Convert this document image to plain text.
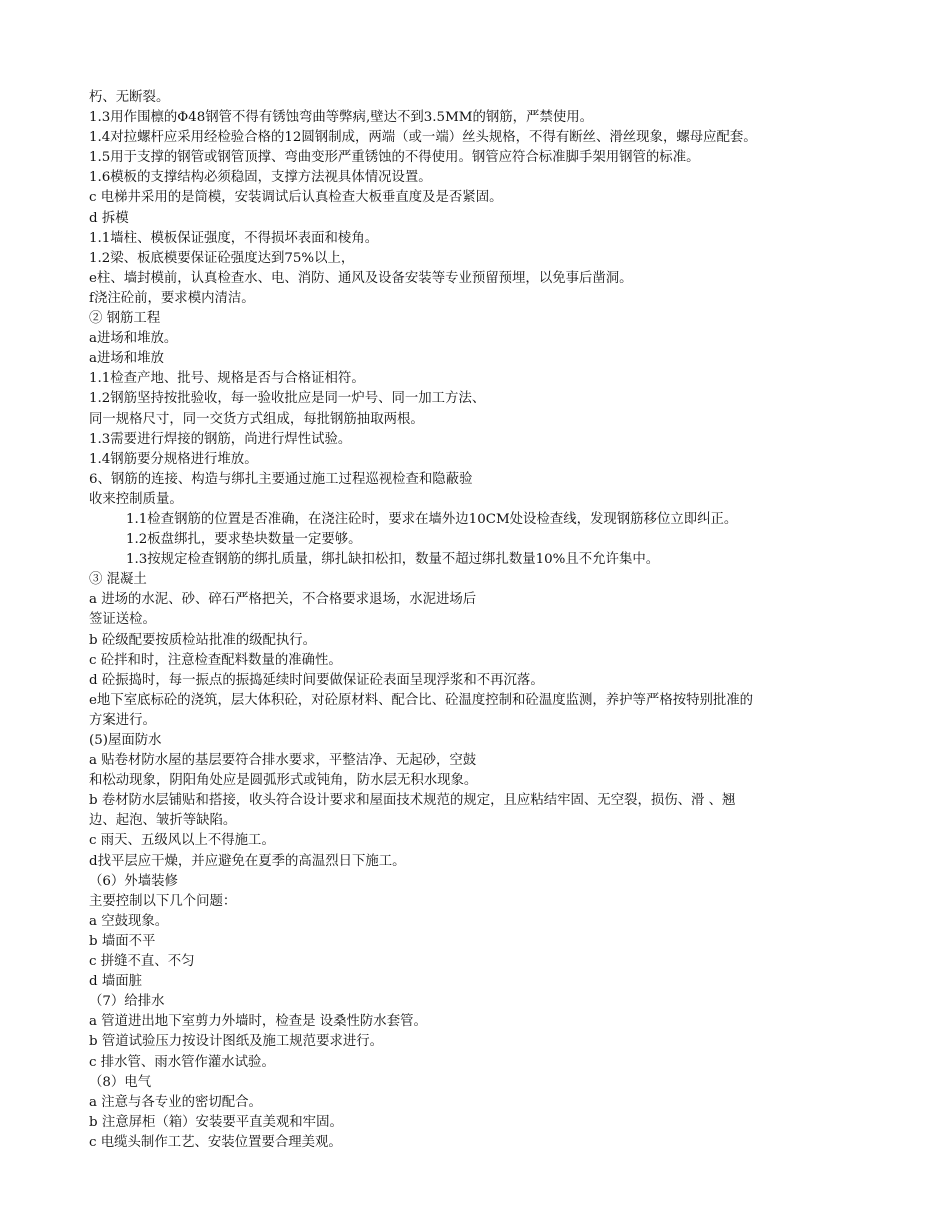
朽、无断裂。
1.3用作围檩的Φ48钢管不得有锈蚀弯曲等弊病,壁达不到3.5MM的钢筋，严禁使用。
1.4对拉螺杆应采用经检验合格的12圆钢制成，两端（或一端）丝头规格，不得有断丝、滑丝现象，螺母应配套。
1.5用于支撑的钢管或钢管顶撑、弯曲变形严重锈蚀的不得使用。钢管应符合标准脚手架用钢管的标准。
1.6模板的支撑结构必须稳固，支撑方法视具体情况设置。
c 电梯井采用的是筒模，安装调试后认真检查大板垂直度及是否紧固。
d 拆模
1.1墙柱、模板保证强度，不得损坏表面和棱角。
1.2梁、板底模要保证砼强度达到75%以上，
e柱、墙封模前，认真检查水、电、消防、通风及设备安装等专业预留预埋，以免事后凿洞。
f浇注砼前，要求模内清洁。
② 钢筋工程
a进场和堆放。
a进场和堆放
1.1检查产地、批号、规格是否与合格证相符。
1.2钢筋坚持按批验收，每一验收批应是同一炉号、同一加工方法、
同一规格尺寸，同一交货方式组成，每批钢筋抽取两根。
1.3需要进行焊接的钢筋，尚进行焊性试验。
1.4钢筋要分规格进行堆放。
6、钢筋的连接、构造与绑扎主要通过施工过程巡视检查和隐蔽验
收来控制质量。
1.1检查钢筋的位置是否准确，在浇注砼时，要求在墙外边10CM处设检查线，发现钢筋移位立即纠正。
1.2板盘绑扎，要求垫块数量一定要够。
1.3按规定检查钢筋的绑扎质量，绑扎缺扣松扣，数量不超过绑扎数量10%且不允许集中。
③ 混凝土
a 进场的水泥、砂、碎石严格把关，不合格要求退场，水泥进场后
签证送检。
b 砼级配要按质检站批准的级配执行。
c 砼拌和时，注意检查配料数量的准确性。
d 砼振捣时，每一振点的振捣延续时间要做保证砼表面呈现浮浆和不再沉落。
e地下室底标砼的浇筑，层大体积砼，对砼原材料、配合比、砼温度控制和砼温度监测，养护等严格按特别批准的
方案进行。
(5)屋面防水
a 贴卷材防水屋的基层要符合排水要求，平整洁净、无起砂，空鼓
和松动现象，阴阳角处应是圆弧形式或钝角，防水层无积水现象。
b 卷材防水层铺贴和搭接，收头符合设计要求和屋面技术规范的规定，且应粘结牢固、无空裂，损伤、滑 、翘
边、起泡、皱折等缺陷。
c 雨天、五级风以上不得施工。
d找平层应干燥，并应避免在夏季的高温烈日下施工。
（6）外墙装修
主要控制以下几个问题：
a 空鼓现象。
b 墙面不平
c 拼缝不直、不匀
d 墙面脏
（7）给排水
a 管道进出地下室剪力外墙时，检查是 设桑性防水套管。
b 管道试验压力按设计图纸及施工规范要求进行。
c 排水管、雨水管作灌水试验。
（8）电气
a 注意与各专业的密切配合。
b 注意屏柜（箱）安装要平直美观和牢固。
c 电缆头制作工艺、安装位置要合理美观。
